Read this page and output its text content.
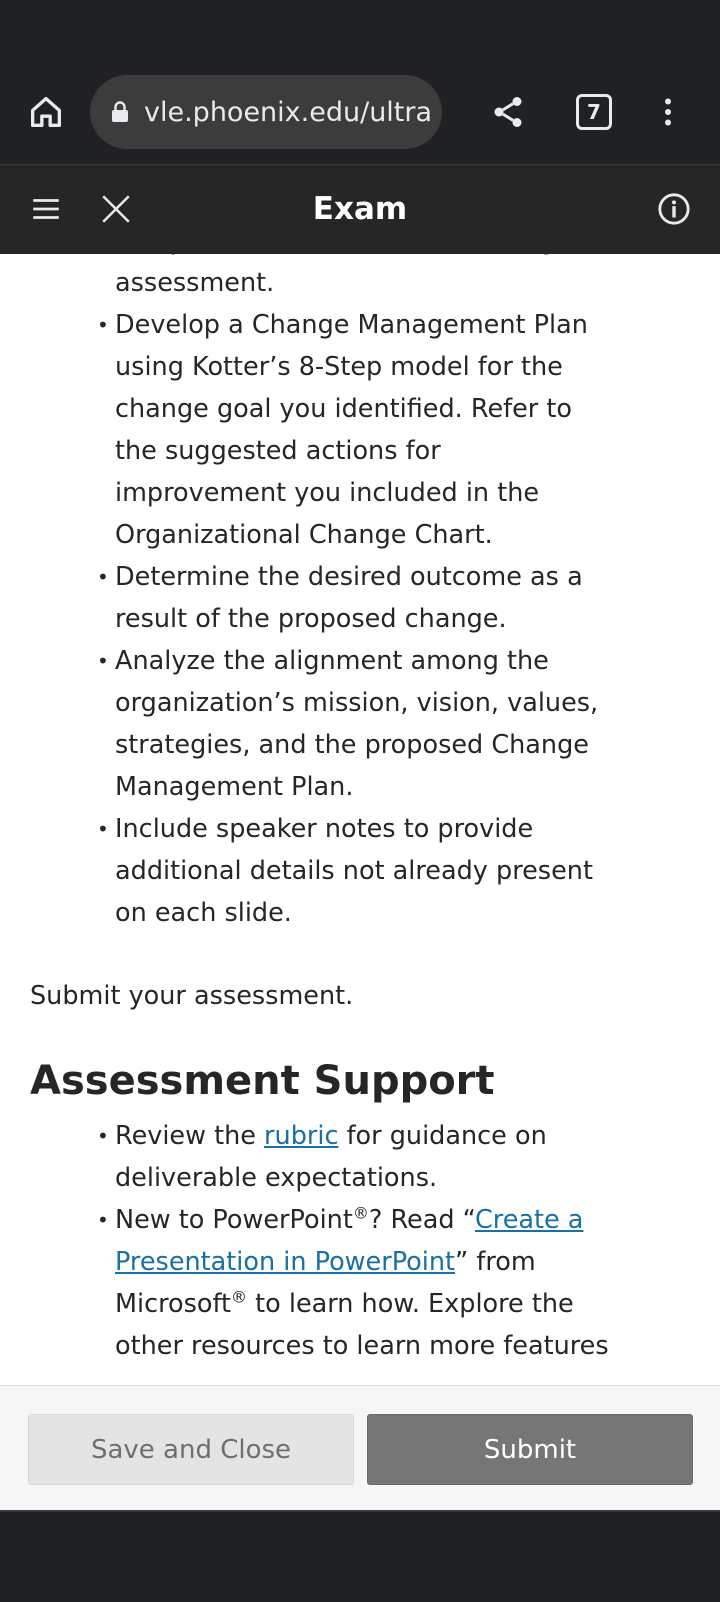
vle.phoenix.edu/ultra	7
Exam
completed in Week 1 to describe your assessment.
• Develop a Change Management Plan using Kotter’s 8-Step model for the change goal you identified. Refer to the suggested actions for improvement you included in the Organizational Change Chart.
• Determine the desired outcome as a result of the proposed change.
• Analyze the alignment among the organization’s mission, vision, values, strategies, and the proposed Change Management Plan.
• Include speaker notes to provide additional details not already present on each slide.

Submit your assessment.

Assessment Support
• Review the rubric for guidance on deliverable expectations.
• New to PowerPoint®? Read “Create a Presentation in PowerPoint” from Microsoft® to learn how. Explore the other resources to learn more features
Save and Close	Submit
